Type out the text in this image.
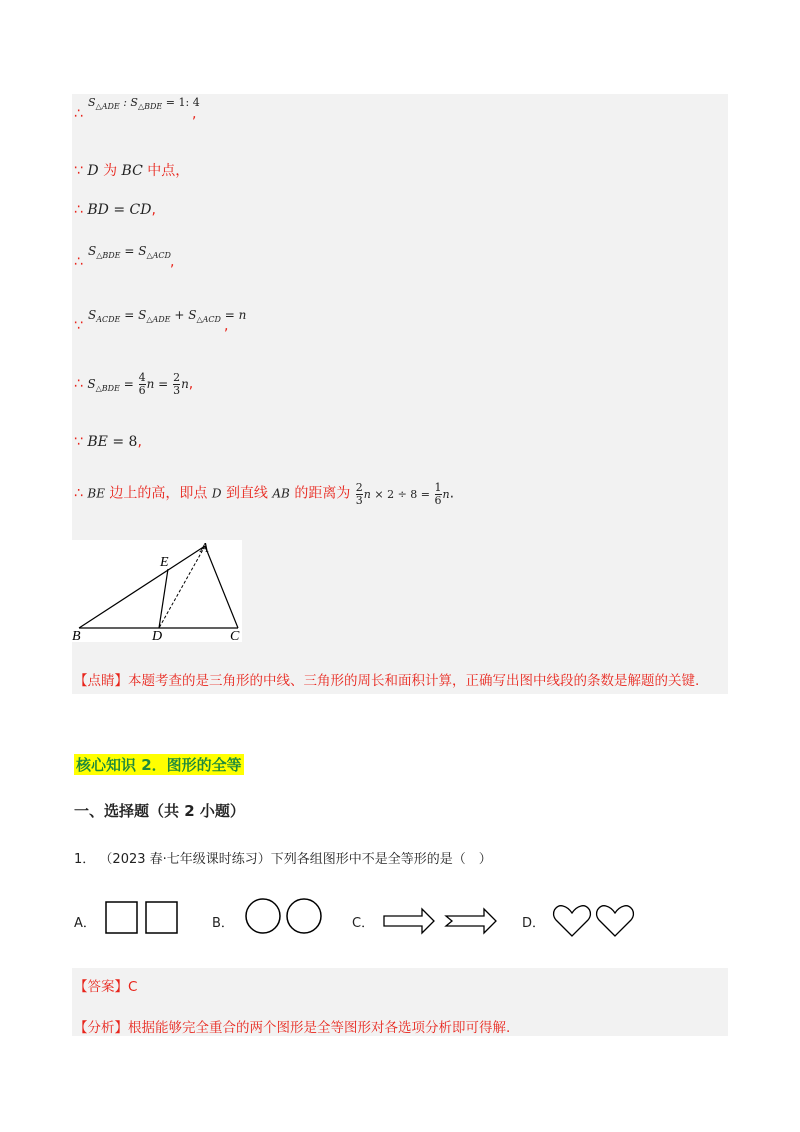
$S_{\triangle ADE}$ : $S_{\triangle BDE} = 1$: 4
∴	,
∵ D 为 BC 中点，
∴ BD = CD,
$S_{\triangle BDE} = S_{\triangle ACD}$
∴	,
$S_{ACDE} = S_{\triangle ADE} + S_{\triangle ACD} = n$
∵	,
∴ $S_{\triangle BDE} = \frac{4}{6}$ $n = \frac{2}{3} n$,
∵ BE = 8,
∴ BE 边上的高，即点 D 到直线 AB 的距离为 $\frac{2}{3}$ $n \times 2 \div 8 = \frac{1}{6} n$.
A
E
B	D	C
【点睛】本题考查的是三角形的中线、三角形的周长和面积计算，正确写出图中线段的条数是解题的关键.
核心知识 2．图形的全等
一、选择题（共 2 小题）
1． （2023 春·七年级课时练习）下列各组图形中不是全等形的是（　）
A．	B．	C．	D．
【答案】C
【分析】根据能够完全重合的两个图形是全等图形对各选项分析即可得解.
